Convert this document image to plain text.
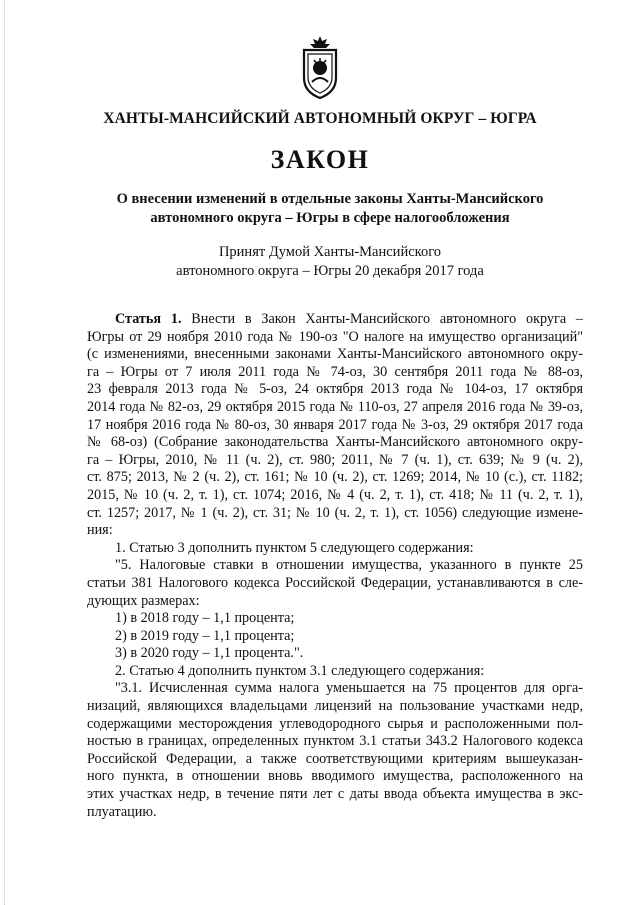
ХАНТЫ-МАНСИЙСКИЙ АВТОНОМНЫЙ ОКРУГ – ЮГРА
ЗАКОН
О внесении изменений в отдельные законы Ханты-Мансийского
автономного округа – Югры в сфере налогообложения
Принят Думой Ханты-Мансийского
автономного округа – Югры 20 декабря 2017 года
Статья 1. Внести в Закон Ханты-Мансийского автономного округа –
Югры от 29 ноября 2010 года № 190-оз "О налоге на имущество организаций"
(с изменениями, внесенными законами Ханты-Мансийского автономного окру-
га – Югры от 7 июля 2011 года № 74-оз, 30 сентября 2011 года № 88-оз,
23 февраля 2013 года № 5-оз, 24 октября 2013 года № 104-оз, 17 октября
2014 года № 82-оз, 29 октября 2015 года № 110-оз, 27 апреля 2016 года № 39-оз,
17 ноября 2016 года № 80-оз, 30 января 2017 года № 3-оз, 29 октября 2017 года
№ 68-оз) (Собрание законодательства Ханты-Мансийского автономного окру-
га – Югры, 2010, № 11 (ч. 2), ст. 980; 2011, № 7 (ч. 1), ст. 639; № 9 (ч. 2),
ст. 875; 2013, № 2 (ч. 2), ст. 161; № 10 (ч. 2), ст. 1269; 2014, № 10 (с.), ст. 1182;
2015, № 10 (ч. 2, т. 1), ст. 1074; 2016, № 4 (ч. 2, т. 1), ст. 418; № 11 (ч. 2, т. 1),
ст. 1257; 2017, № 1 (ч. 2), ст. 31; № 10 (ч. 2, т. 1), ст. 1056) следующие измене-
ния:
1. Статью 3 дополнить пунктом 5 следующего содержания:
"5. Налоговые ставки в отношении имущества, указанного в пункте 25
статьи 381 Налогового кодекса Российской Федерации, устанавливаются в сле-
дующих размерах:
1) в 2018 году – 1,1 процента;
2) в 2019 году – 1,1 процента;
3) в 2020 году – 1,1 процента.".
2. Статью 4 дополнить пунктом 3.1 следующего содержания:
"3.1. Исчисленная сумма налога уменьшается на 75 процентов для орга-
низаций, являющихся владельцами лицензий на пользование участками недр,
содержащими месторождения углеводородного сырья и расположенными пол-
ностью в границах, определенных пунктом 3.1 статьи 343.2 Налогового кодекса
Российской Федерации, а также соответствующими критериям вышеуказан-
ного пункта, в отношении вновь вводимого имущества, расположенного на
этих участках недр, в течение пяти лет с даты ввода объекта имущества в экс-
плуатацию.
